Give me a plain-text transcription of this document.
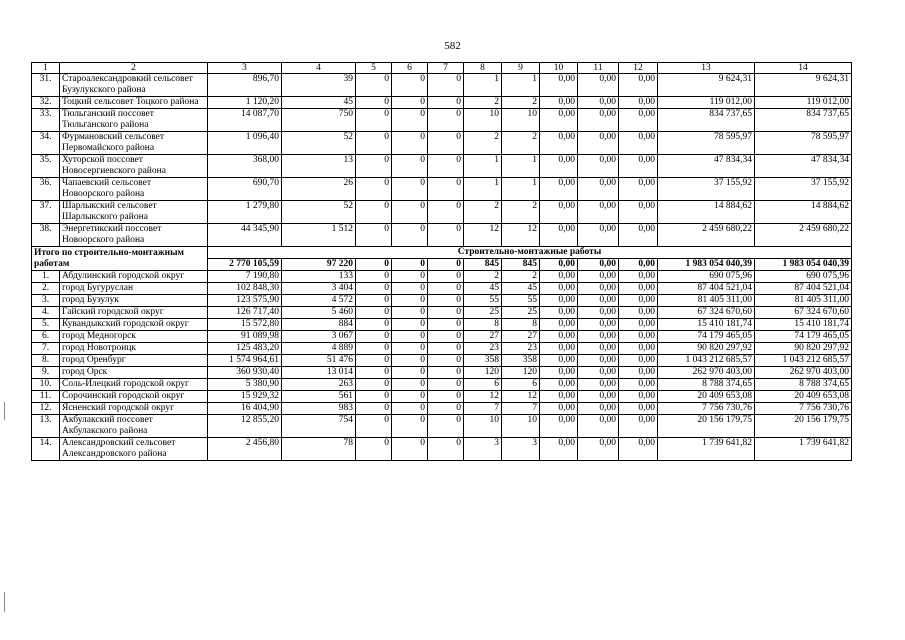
582
1	2	3	4	5	6	7	8	9	10	11	12	13	14
31.	Староалександровкий сельсовет Бузулукского района	896,70	39	0	0	0	1	1	0,00	0,00	0,00	9 624,31	9 624,31
32.	Тоцкий сельсовет Тоцкого района	1 120,20	45	0	0	0	2	2	0,00	0,00	0,00	119 012,00	119 012,00
33.	Тюльганский поссовет Тюльганского района	14 087,70	750	0	0	0	10	10	0,00	0,00	0,00	834 737,65	834 737,65
34.	Фурмановский сельсовет Первомайского района	1 096,40	52	0	0	0	2	2	0,00	0,00	0,00	78 595,97	78 595,97
35.	Хуторской поссовет Новосергиевского района	368,00	13	0	0	0	1	1	0,00	0,00	0,00	47 834,34	47 834,34
36.	Чапаевский сельсовет Новоорского района	690,70	26	0	0	0	1	1	0,00	0,00	0,00	37 155,92	37 155,92
37.	Шарлыкский сельсовет Шарлыкского района	1 279,80	52	0	0	0	2	2	0,00	0,00	0,00	14 884,62	14 884,62
38.	Энергетикский поссовет Новоорского района	44 345,90	1 512	0	0	0	12	12	0,00	0,00	0,00	2 459 680,22	2 459 680,22
Итого по строительно-монтажным работам		Строительно-монтажные работы											
		2 770 105,59	97 220	0	0	0	845	845	0,00	0,00	0,00	1 983 054 040,39	1 983 054 040,39
1.	Абдулинский городской округ	7 190,80	133	0	0	0	2	2	0,00	0,00	0,00	690 075,96	690 075,96
2.	город Бугуруслан	102 848,30	3 404	0	0	0	45	45	0,00	0,00	0,00	87 404 521,04	87 404 521,04
3.	город Бузулук	123 575,90	4 572	0	0	0	55	55	0,00	0,00	0,00	81 405 311,00	81 405 311,00
4.	Гайский городской округ	126 717,40	5 460	0	0	0	25	25	0,00	0,00	0,00	67 324 670,60	67 324 670,60
5.	Кувандыкский городской округ	15 572,80	884	0	0	0	8	8	0,00	0,00	0,00	15 410 181,74	15 410 181,74
6.	город Медногорск	91 089,98	3 067	0	0	0	27	27	0,00	0,00	0,00	74 179 465,05	74 179 465,05
7.	город Новотроицк	125 483,20	4 889	0	0	0	23	23	0,00	0,00	0,00	90 820 297,92	90 820 297,92
8.	город Оренбург	1 574 964,61	51 476	0	0	0	358	358	0,00	0,00	0,00	1 043 212 685,57	1 043 212 685,57
9.	город Орск	360 930,40	13 014	0	0	0	120	120	0,00	0,00	0,00	262 970 403,00	262 970 403,00
10.	Соль-Илецкий городской округ	5 380,90	263	0	0	0	6	6	0,00	0,00	0,00	8 788 374,65	8 788 374,65
11.	Сорочинский городской округ	15 929,32	561	0	0	0	12	12	0,00	0,00	0,00	20 409 653,08	20 409 653,08
12.	Ясненский городской округ	16 404,90	983	0	0	0	7	7	0,00	0,00	0,00	7 756 730,76	7 756 730,76
13.	Акбулакский поссовет Акбулакского района	12 855,20	754	0	0	0	10	10	0,00	0,00	0,00	20 156 179,75	20 156 179,75
14.	Александровский сельсовет Александровского района	2 456,80	78	0	0	0	3	3	0,00	0,00	0,00	1 739 641,82	1 739 641,82
